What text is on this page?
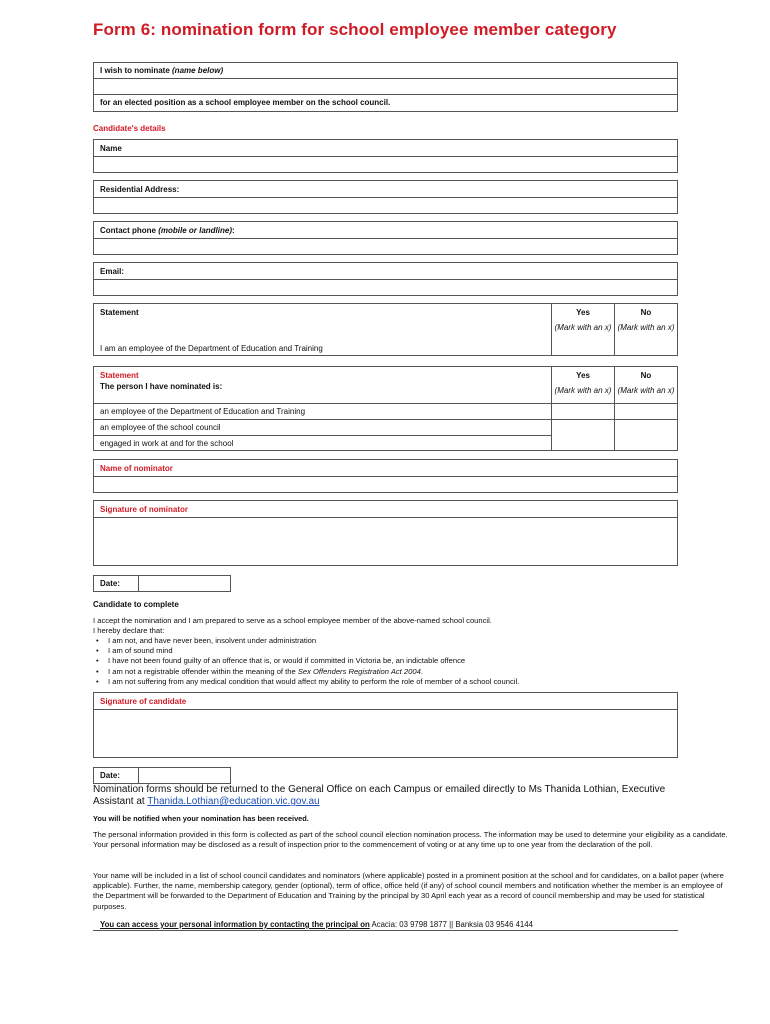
Form 6: nomination form for school employee member category
I wish to nominate (name below)
for an elected position as a school employee member on the school council.
Candidate's details
Name
Residential Address:
Contact phone (mobile or landline):
Email:
Statement	Yes
(Mark with an x)
No
(Mark with an x)
I am an employee of the Department of Education and Training
Statement
The person I have nominated is:
Yes
(Mark with an x)
No
(Mark with an x)
an employee of the Department of Education and Training
an employee of the school council
engaged in work at and for the school
Name of nominator
Signature of nominator
Date:
Candidate to complete
I accept the nomination and I am prepared to serve as a school employee member of the above-named school council.
I hereby declare that:
• I am not, and have never been, insolvent under administration
• I am of sound mind
• I have not been found guilty of an offence that is, or would if committed in Victoria be, an indictable offence
• I am not a registrable offender within the meaning of the Sex Offenders Registration Act 2004.
• I am not suffering from any medical condition that would affect my ability to perform the role of member of a school council.
Signature of candidate
Date:
Nomination forms should be returned to the General Office on each Campus or emailed directly to Ms Thanida Lothian, Executive Assistant at Thanida.Lothian@education.vic.gov.au
You will be notified when your nomination has been received.
The personal information provided in this form is collected as part of the school council election nomination process. The information may be used to determine your eligibility as a candidate. Your personal information may be disclosed as a result of inspection prior to the commencement of voting or at any time up to one year from the declaration of the poll.
Your name will be included in a list of school council candidates and nominators (where applicable) posted in a prominent position at the school and for candidates, on a ballot paper (where applicable). Further, the name, membership category, gender (optional), term of office, office held (if any) of school council members and notification whether the member is an employee of the Department will be forwarded to the Department of Education and Training by the principal by 30 April each year as a record of council membership and may be used for statistical purposes.
You can access your personal information by contacting the principal on Acacia: 03 9798 1877 || Banksia 03 9546 4144
